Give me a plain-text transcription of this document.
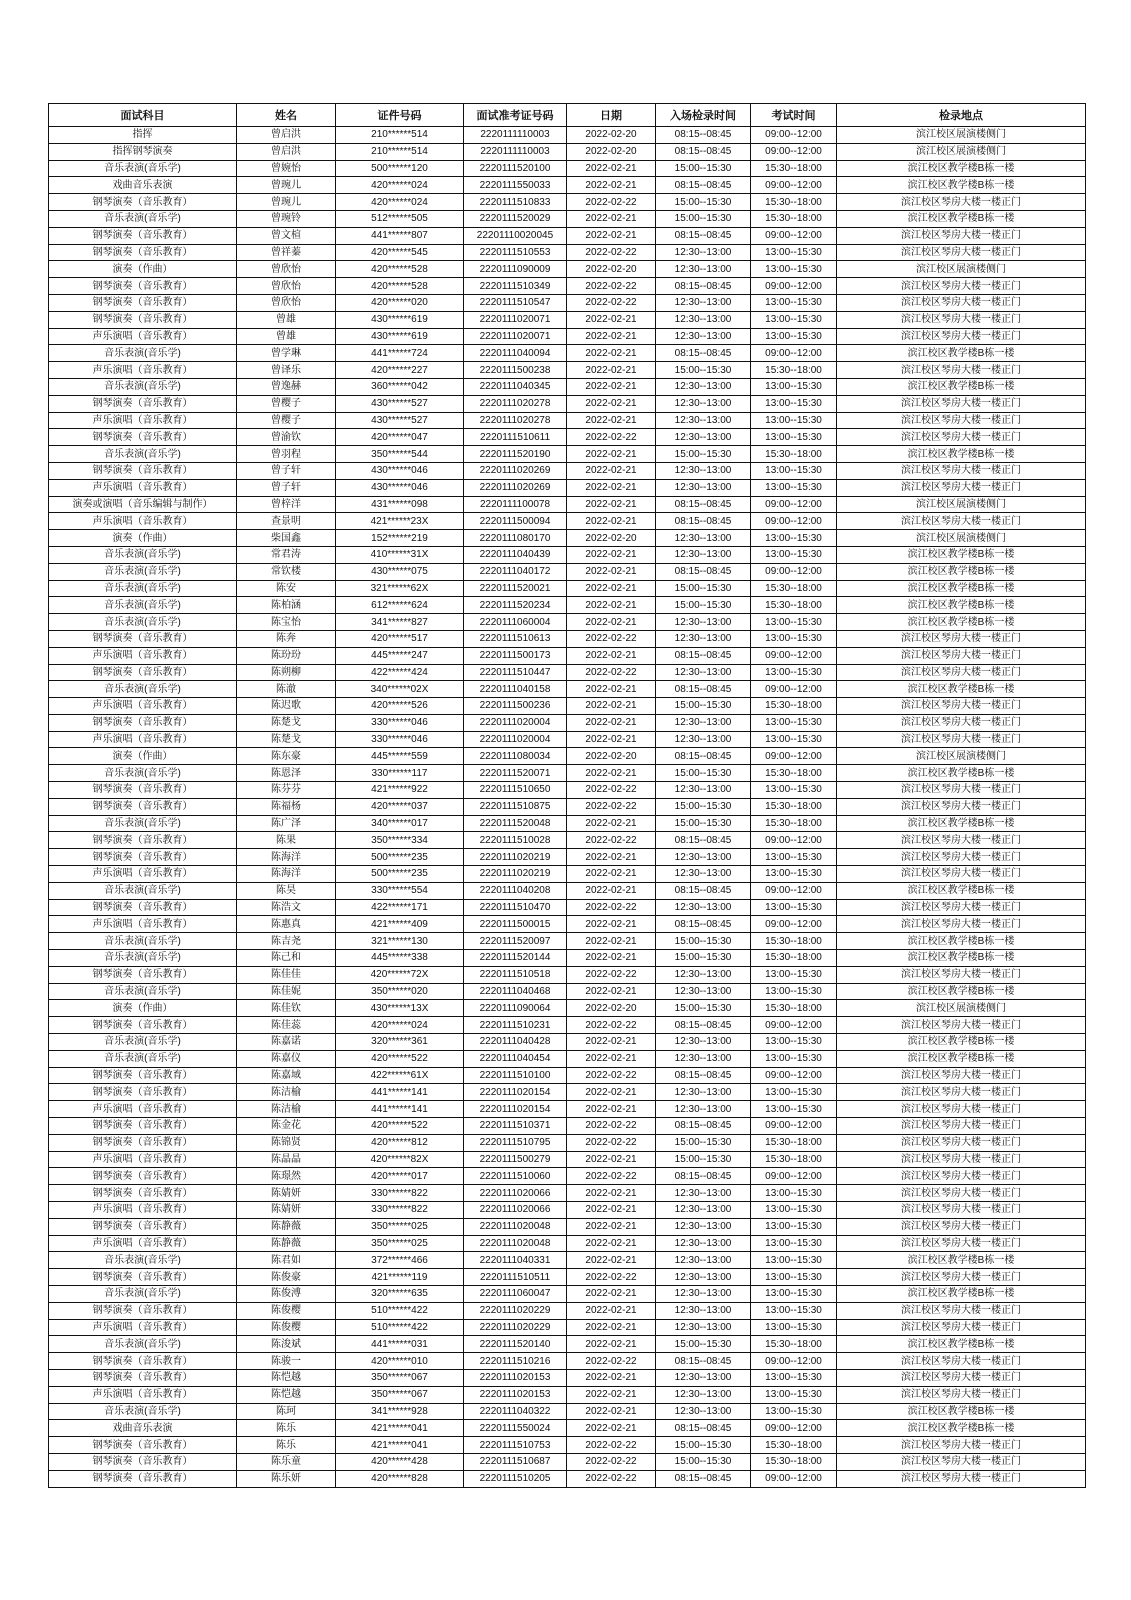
面试科目	姓名	证件号码	面试准考证号码	日期	入场检录时间	考试时间	检录地点
指挥	曾启洪	210******514	2220111110003	2022-02-20	08:15--08:45	09:00--12:00	滨江校区展演楼侧门
指挥钢琴演奏	曾启洪	210******514	2220111110003	2022-02-20	08:15--08:45	09:00--12:00	滨江校区展演楼侧门
音乐表演(音乐学)	曾婉怡	500******120	2220111520100	2022-02-21	15:00--15:30	15:30--18:00	滨江校区教学楼B栋一楼
戏曲音乐表演	曾琬儿	420******024	2220111550033	2022-02-21	08:15--08:45	09:00--12:00	滨江校区教学楼B栋一楼
钢琴演奏（音乐教育）	曾琬儿	420******024	2220111510833	2022-02-22	15:00--15:30	15:30--18:00	滨江校区琴房大楼一楼正门
音乐表演(音乐学)	曾琬铃	512******505	2220111520029	2022-02-21	15:00--15:30	15:30--18:00	滨江校区教学楼B栋一楼
钢琴演奏（音乐教育）	曾文楦	441******807	22201110020045	2022-02-21	08:15--08:45	09:00--12:00	滨江校区琴房大楼一楼正门
钢琴演奏（音乐教育）	曾祥蓁	420******545	2220111510553	2022-02-22	12:30--13:00	13:00--15:30	滨江校区琴房大楼一楼正门
演奏（作曲）	曾欣怡	420******528	2220111090009	2022-02-20	12:30--13:00	13:00--15:30	滨江校区展演楼侧门
钢琴演奏（音乐教育）	曾欣怡	420******528	2220111510349	2022-02-22	08:15--08:45	09:00--12:00	滨江校区琴房大楼一楼正门
钢琴演奏（音乐教育）	曾欣怡	420******020	2220111510547	2022-02-22	12:30--13:00	13:00--15:30	滨江校区琴房大楼一楼正门
钢琴演奏（音乐教育）	曾雄	430******619	2220111020071	2022-02-21	12:30--13:00	13:00--15:30	滨江校区琴房大楼一楼正门
声乐演唱（音乐教育）	曾雄	430******619	2220111020071	2022-02-21	12:30--13:00	13:00--15:30	滨江校区琴房大楼一楼正门
音乐表演(音乐学)	曾学琳	441******724	2220111040094	2022-02-21	08:15--08:45	09:00--12:00	滨江校区教学楼B栋一楼
声乐演唱（音乐教育）	曾译乐	420******227	2220111500238	2022-02-21	15:00--15:30	15:30--18:00	滨江校区琴房大楼一楼正门
音乐表演(音乐学)	曾逸赫	360******042	2220111040345	2022-02-21	12:30--13:00	13:00--15:30	滨江校区教学楼B栋一楼
钢琴演奏（音乐教育）	曾樱子	430******527	2220111020278	2022-02-21	12:30--13:00	13:00--15:30	滨江校区琴房大楼一楼正门
声乐演唱（音乐教育）	曾樱子	430******527	2220111020278	2022-02-21	12:30--13:00	13:00--15:30	滨江校区琴房大楼一楼正门
钢琴演奏（音乐教育）	曾渝钦	420******047	2220111510611	2022-02-22	12:30--13:00	13:00--15:30	滨江校区琴房大楼一楼正门
音乐表演(音乐学)	曾羽程	350******544	2220111520190	2022-02-21	15:00--15:30	15:30--18:00	滨江校区教学楼B栋一楼
钢琴演奏（音乐教育）	曾子轩	430******046	2220111020269	2022-02-21	12:30--13:00	13:00--15:30	滨江校区琴房大楼一楼正门
声乐演唱（音乐教育）	曾子轩	430******046	2220111020269	2022-02-21	12:30--13:00	13:00--15:30	滨江校区琴房大楼一楼正门
演奏或演唱（音乐编辑与制作）	曾梓洋	431******098	2220111100078	2022-02-21	08:15--08:45	09:00--12:00	滨江校区展演楼侧门
声乐演唱（音乐教育）	查景明	421******23X	2220111500094	2022-02-21	08:15--08:45	09:00--12:00	滨江校区琴房大楼一楼正门
演奏（作曲）	柴国鑫	152******219	2220111080170	2022-02-20	12:30--13:00	13:00--15:30	滨江校区展演楼侧门
音乐表演(音乐学)	常君涛	410******31X	2220111040439	2022-02-21	12:30--13:00	13:00--15:30	滨江校区教学楼B栋一楼
音乐表演(音乐学)	常钦楼	430******075	2220111040172	2022-02-21	08:15--08:45	09:00--12:00	滨江校区教学楼B栋一楼
音乐表演(音乐学)	陈安	321******62X	2220111520021	2022-02-21	15:00--15:30	15:30--18:00	滨江校区教学楼B栋一楼
音乐表演(音乐学)	陈柏涵	612******624	2220111520234	2022-02-21	15:00--15:30	15:30--18:00	滨江校区教学楼B栋一楼
音乐表演(音乐学)	陈宝怡	341******827	2220111060004	2022-02-21	12:30--13:00	13:00--15:30	滨江校区教学楼B栋一楼
钢琴演奏（音乐教育）	陈奔	420******517	2220111510613	2022-02-22	12:30--13:00	13:00--15:30	滨江校区琴房大楼一楼正门
声乐演唱（音乐教育）	陈玢玢	445******247	2220111500173	2022-02-21	08:15--08:45	09:00--12:00	滨江校区琴房大楼一楼正门
钢琴演奏（音乐教育）	陈朔柳	422******424	2220111510447	2022-02-22	12:30--13:00	13:00--15:30	滨江校区琴房大楼一楼正门
音乐表演(音乐学)	陈澈	340******02X	2220111040158	2022-02-21	08:15--08:45	09:00--12:00	滨江校区教学楼B栋一楼
声乐演唱（音乐教育）	陈迟歌	420******526	2220111500236	2022-02-21	15:00--15:30	15:30--18:00	滨江校区琴房大楼一楼正门
钢琴演奏（音乐教育）	陈楚戈	330******046	2220111020004	2022-02-21	12:30--13:00	13:00--15:30	滨江校区琴房大楼一楼正门
声乐演唱（音乐教育）	陈楚戈	330******046	2220111020004	2022-02-21	12:30--13:00	13:00--15:30	滨江校区琴房大楼一楼正门
演奏（作曲）	陈东豪	445******559	2220111080034	2022-02-20	08:15--08:45	09:00--12:00	滨江校区展演楼侧门
音乐表演(音乐学)	陈恩泽	330******117	2220111520071	2022-02-21	15:00--15:30	15:30--18:00	滨江校区教学楼B栋一楼
钢琴演奏（音乐教育）	陈芬芬	421******922	2220111510650	2022-02-22	12:30--13:00	13:00--15:30	滨江校区琴房大楼一楼正门
钢琴演奏（音乐教育）	陈福杨	420******037	2220111510875	2022-02-22	15:00--15:30	15:30--18:00	滨江校区琴房大楼一楼正门
音乐表演(音乐学)	陈广泽	340******017	2220111520048	2022-02-21	15:00--15:30	15:30--18:00	滨江校区教学楼B栋一楼
钢琴演奏（音乐教育）	陈果	350******334	2220111510028	2022-02-22	08:15--08:45	09:00--12:00	滨江校区琴房大楼一楼正门
钢琴演奏（音乐教育）	陈海洋	500******235	2220111020219	2022-02-21	12:30--13:00	13:00--15:30	滨江校区琴房大楼一楼正门
声乐演唱（音乐教育）	陈海洋	500******235	2220111020219	2022-02-21	12:30--13:00	13:00--15:30	滨江校区琴房大楼一楼正门
音乐表演(音乐学)	陈昊	330******554	2220111040208	2022-02-21	08:15--08:45	09:00--12:00	滨江校区教学楼B栋一楼
钢琴演奏（音乐教育）	陈浩文	422******171	2220111510470	2022-02-22	12:30--13:00	13:00--15:30	滨江校区琴房大楼一楼正门
声乐演唱（音乐教育）	陈惠真	421******409	2220111500015	2022-02-21	08:15--08:45	09:00--12:00	滨江校区琴房大楼一楼正门
音乐表演(音乐学)	陈吉尧	321******130	2220111520097	2022-02-21	15:00--15:30	15:30--18:00	滨江校区教学楼B栋一楼
音乐表演(音乐学)	陈己和	445******338	2220111520144	2022-02-21	15:00--15:30	15:30--18:00	滨江校区教学楼B栋一楼
钢琴演奏（音乐教育）	陈佳佳	420******72X	2220111510518	2022-02-22	12:30--13:00	13:00--15:30	滨江校区琴房大楼一楼正门
音乐表演(音乐学)	陈佳妮	350******020	2220111040468	2022-02-21	12:30--13:00	13:00--15:30	滨江校区教学楼B栋一楼
演奏（作曲）	陈佳钦	430******13X	2220111090064	2022-02-20	15:00--15:30	15:30--18:00	滨江校区展演楼侧门
钢琴演奏（音乐教育）	陈佳蕊	420******024	2220111510231	2022-02-22	08:15--08:45	09:00--12:00	滨江校区琴房大楼一楼正门
音乐表演(音乐学)	陈嘉诺	320******361	2220111040428	2022-02-21	12:30--13:00	13:00--15:30	滨江校区教学楼B栋一楼
音乐表演(音乐学)	陈嘉仪	420******522	2220111040454	2022-02-21	12:30--13:00	13:00--15:30	滨江校区教学楼B栋一楼
钢琴演奏（音乐教育）	陈嘉域	422******61X	2220111510100	2022-02-22	08:15--08:45	09:00--12:00	滨江校区琴房大楼一楼正门
钢琴演奏（音乐教育）	陈洁榆	441******141	2220111020154	2022-02-21	12:30--13:00	13:00--15:30	滨江校区琴房大楼一楼正门
声乐演唱（音乐教育）	陈洁榆	441******141	2220111020154	2022-02-21	12:30--13:00	13:00--15:30	滨江校区琴房大楼一楼正门
钢琴演奏（音乐教育）	陈金花	420******522	2220111510371	2022-02-22	08:15--08:45	09:00--12:00	滨江校区琴房大楼一楼正门
钢琴演奏（音乐教育）	陈锦贤	420******812	2220111510795	2022-02-22	15:00--15:30	15:30--18:00	滨江校区琴房大楼一楼正门
声乐演唱（音乐教育）	陈晶晶	420******82X	2220111500279	2022-02-21	15:00--15:30	15:30--18:00	滨江校区琴房大楼一楼正门
钢琴演奏（音乐教育）	陈璟然	420******017	2220111510060	2022-02-22	08:15--08:45	09:00--12:00	滨江校区琴房大楼一楼正门
钢琴演奏（音乐教育）	陈婧妍	330******822	2220111020066	2022-02-21	12:30--13:00	13:00--15:30	滨江校区琴房大楼一楼正门
声乐演唱（音乐教育）	陈婧妍	330******822	2220111020066	2022-02-21	12:30--13:00	13:00--15:30	滨江校区琴房大楼一楼正门
钢琴演奏（音乐教育）	陈静薇	350******025	2220111020048	2022-02-21	12:30--13:00	13:00--15:30	滨江校区琴房大楼一楼正门
声乐演唱（音乐教育）	陈静薇	350******025	2220111020048	2022-02-21	12:30--13:00	13:00--15:30	滨江校区琴房大楼一楼正门
音乐表演(音乐学)	陈君如	372******466	2220111040331	2022-02-21	12:30--13:00	13:00--15:30	滨江校区教学楼B栋一楼
钢琴演奏（音乐教育）	陈俊豪	421******119	2220111510511	2022-02-22	12:30--13:00	13:00--15:30	滨江校区琴房大楼一楼正门
音乐表演(音乐学)	陈俊溥	320******635	2220111060047	2022-02-21	12:30--13:00	13:00--15:30	滨江校区教学楼B栋一楼
钢琴演奏（音乐教育）	陈俊樱	510******422	2220111020229	2022-02-21	12:30--13:00	13:00--15:30	滨江校区琴房大楼一楼正门
声乐演唱（音乐教育）	陈俊樱	510******422	2220111020229	2022-02-21	12:30--13:00	13:00--15:30	滨江校区琴房大楼一楼正门
音乐表演(音乐学)	陈浚斌	441******031	2220111520140	2022-02-21	15:00--15:30	15:30--18:00	滨江校区教学楼B栋一楼
钢琴演奏（音乐教育）	陈骏一	420******010	2220111510216	2022-02-22	08:15--08:45	09:00--12:00	滨江校区琴房大楼一楼正门
钢琴演奏（音乐教育）	陈恺越	350******067	2220111020153	2022-02-21	12:30--13:00	13:00--15:30	滨江校区琴房大楼一楼正门
声乐演唱（音乐教育）	陈恺越	350******067	2220111020153	2022-02-21	12:30--13:00	13:00--15:30	滨江校区琴房大楼一楼正门
音乐表演(音乐学)	陈珂	341******928	2220111040322	2022-02-21	12:30--13:00	13:00--15:30	滨江校区教学楼B栋一楼
戏曲音乐表演	陈乐	421******041	2220111550024	2022-02-21	08:15--08:45	09:00--12:00	滨江校区教学楼B栋一楼
钢琴演奏（音乐教育）	陈乐	421******041	2220111510753	2022-02-22	15:00--15:30	15:30--18:00	滨江校区琴房大楼一楼正门
钢琴演奏（音乐教育）	陈乐童	420******428	2220111510687	2022-02-22	15:00--15:30	15:30--18:00	滨江校区琴房大楼一楼正门
钢琴演奏（音乐教育）	陈乐妍	420******828	2220111510205	2022-02-22	08:15--08:45	09:00--12:00	滨江校区琴房大楼一楼正门
